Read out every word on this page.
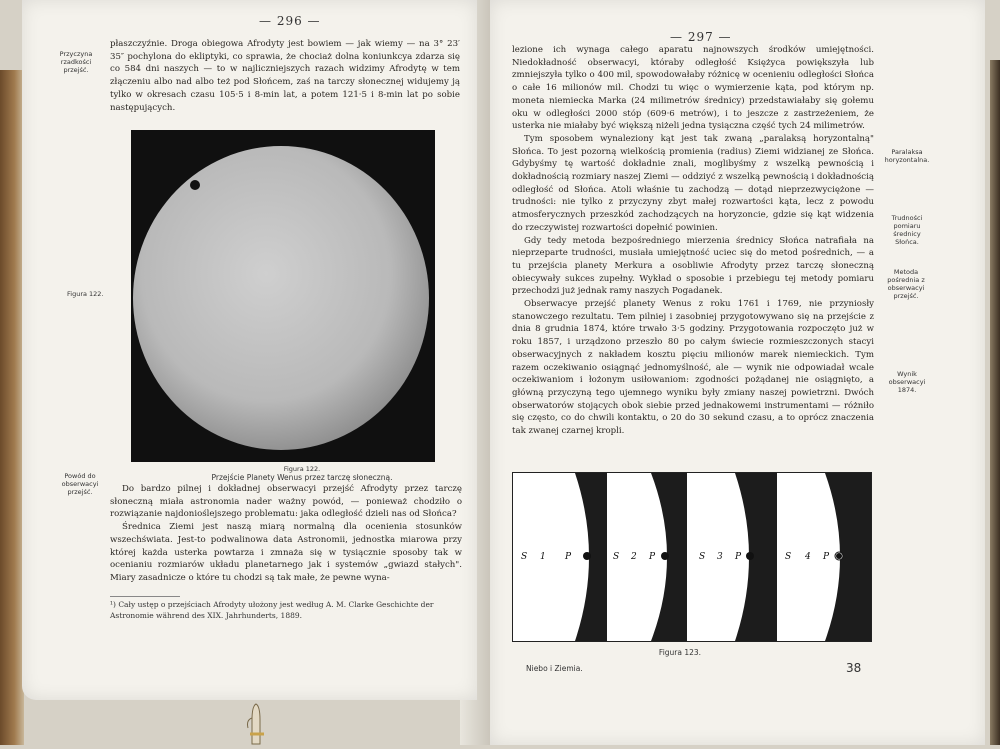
— 296 —
Przyczyna rzadkości przejść.

płaszczyźnie. Droga obiegowa Afrodyty jest bowiem — jak wiemy — na 3° 23′ 35″ pochylona do ekliptyki, co sprawia, że chociaż dolna koniunkcya zdarza się co 584 dni naszych — to w najliczniejszych razach widzimy Afrodytę w tem złączeniu albo nad albo też pod Słońcem, zaś na tarczy słonecznej widujemy ją tylko w okresach czasu 105·5 i 8-min lat, a potem 121·5 i 8-min lat po sobie następujących.

Figura 122.
Figura 122.
Przejście Planety Wenus przez tarczę słoneczną.
Powód do obserwacyi przejść.	Do bardzo pilnej i dokładnej obserwacyi przejść Afrodyty przez tarczę słoneczną miała astronomia nader ważny powód, — ponieważ chodziło o rozwiązanie najdonioślejszego problematu: jaka odległość dzieli nas od Słońca?

Średnica Ziemi jest naszą miarą normalną dla ocenienia stosunków wszechświata. Jest-to podwalinowa data Astronomii, jednostka miarowa przy której każda usterka powtarza i zmnaża się w tysiącznie sposoby tak w ocenianiu rozmiarów układu planetarnego jak i systemów „gwiazd stałych". Miary zasadnicze o które tu chodzi są tak małe, że pewne wyna-

¹) Cały ustęp o przejściach Afrodyty ułożony jest według A. M. Clarke Geschichte der Astronomie während des XIX. Jahrhunderts, 1889.
— 297 —

lezione ich wynaga całego aparatu najnowszych środków umiejętności. Niedokładność obserwacyi, któraby odległość Księżyca powiększyła lub zmniejszyła tylko o 400 mil, spowodowałaby różnicę w ocenieniu odległości Słońca o całe 16 milionów mil. Chodzi tu więc o wymierzenie kąta, pod którym np. moneta niemiecka Marka (24 milimetrów średnicy) przedstawiałaby się gołemu oku w odległości 2000 stóp (609·6 metrów), i to jeszcze z zastrzeżeniem, że usterka nie miałaby być większą niżeli jedna tysiączna część tych 24 milimetrów.

Tym sposobem wynaleziony kąt jest tak zwaną „paralaksą horyzontalną" Słońca. To jest pozorną wielkością promienia (radius) Ziemi widzianej ze Słońca. Gdybyśmy tę wartość dokładnie znali, moglibyśmy z wszelką pewnością i dokładnością rozmiary naszej Ziemi — oddziyć z wszelką pewnością i dokładnością odległość od Słońca. Atoli właśnie tu zachodzą — dotąd nieprzezwyciężone — trudności: nie tylko z przyczyny zbyt małej rozwartości kąta, lecz z powodu atmosferycznych przeszkód zachodzących na horyzoncie, gdzie się kąt widzenia do rzeczywistej rozwartości dopełnić powinien.

Gdy tedy metoda bezpośredniego mierzenia średnicy Słońca natrafiała na nieprzeparte trudności, musiała umiejętność uciec się do metod pośrednich, — a tu przejścia planety Merkura a osobliwie Afrodyty przez tarczę słoneczną obiecywały sukces zupełny. Wykład o sposobie i przebiegu tej metody pomiaru przechodzi już jednak ramy naszych Pogadanek.

Obserwacye przejść planety Wenus z roku 1761 i 1769, nie przyniosły stanowczego rezultatu. Tem pilniej i zasobniej przygotowywano się na przejście z dnia 8 grudnia 1874, które trwało 3·5 godziny. Przygotowania rozpoczęto już w roku 1857, i urządzono przeszło 80 po całym świecie rozmieszczonych stacyi obserwacyjnych z nakładem kosztu pięciu milionów marek niemieckich. Tym razem oczekiwanio osiągnąć jednomyślność, ale — wynik nie odpowiadał wcale oczekiwaniom i łożonym usiłowaniom: zgodności pożądanej nie osiągnięto, a główną przyczyną tego ujemnego wyniku były zmiany naszej powietrzni. Dwóch obserwatorów stojących obok siebie przed jednakowemi instrumentami — różniło się często, co do chwili kontaktu, o 20 do 30 sekund czasu, a to oprócz znaczenia tak zwanej czarnej kropli.

Paralaksa horyzontalna.
Trudności pomiaru średnicy Słońca.
Metoda pośrednia z obserwacyi przejść.
Wynik obserwacyi 1874.
Figura 123.
Niebo i Ziemia.	38
S 1 P	S 2 P	S 3 P	S 4 P
